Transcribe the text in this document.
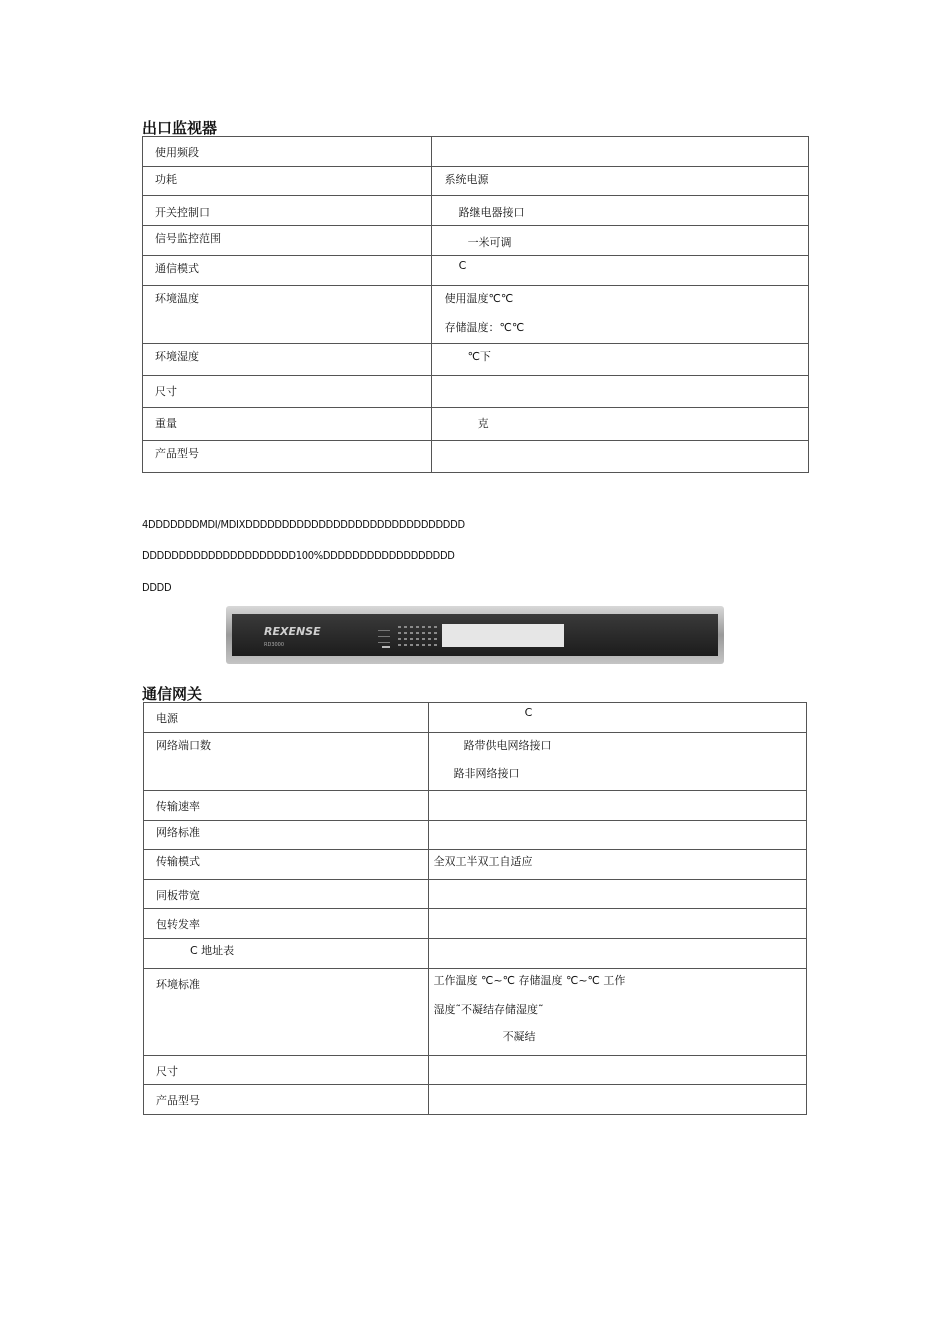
出口监视器
使用频段	

功耗	系统电源

开关控制口	路继电器接口

信号监控范围	一米可调

通信模式	C

环境温度	使用温度℃℃
存储温度：℃℃

环境湿度	℃下

尺寸	

重量	克

产品型号	

4DDDDDDDMDI/MDIXDDDDDDDDDDDDDDDDDDDDDDDDDDDDDD
DDDDDDDDDDDDDDDDDDDDD100%DDDDDDDDDDDDDDDDDD
DDDD
REXENSE
RD3000
通信网关
电源	C

网络端口数	路带供电网络接口
路非网络接口

传输速率	

网络标准	

传输模式	全双工半双工自适应

同板带宽	

包转发率	

C 地址表	

环境标准	工作温度 ℃~℃ 存储温度 ℃~℃ 工作
湿度˜不凝结存储湿度˜
不凝结

尺寸	

产品型号	
